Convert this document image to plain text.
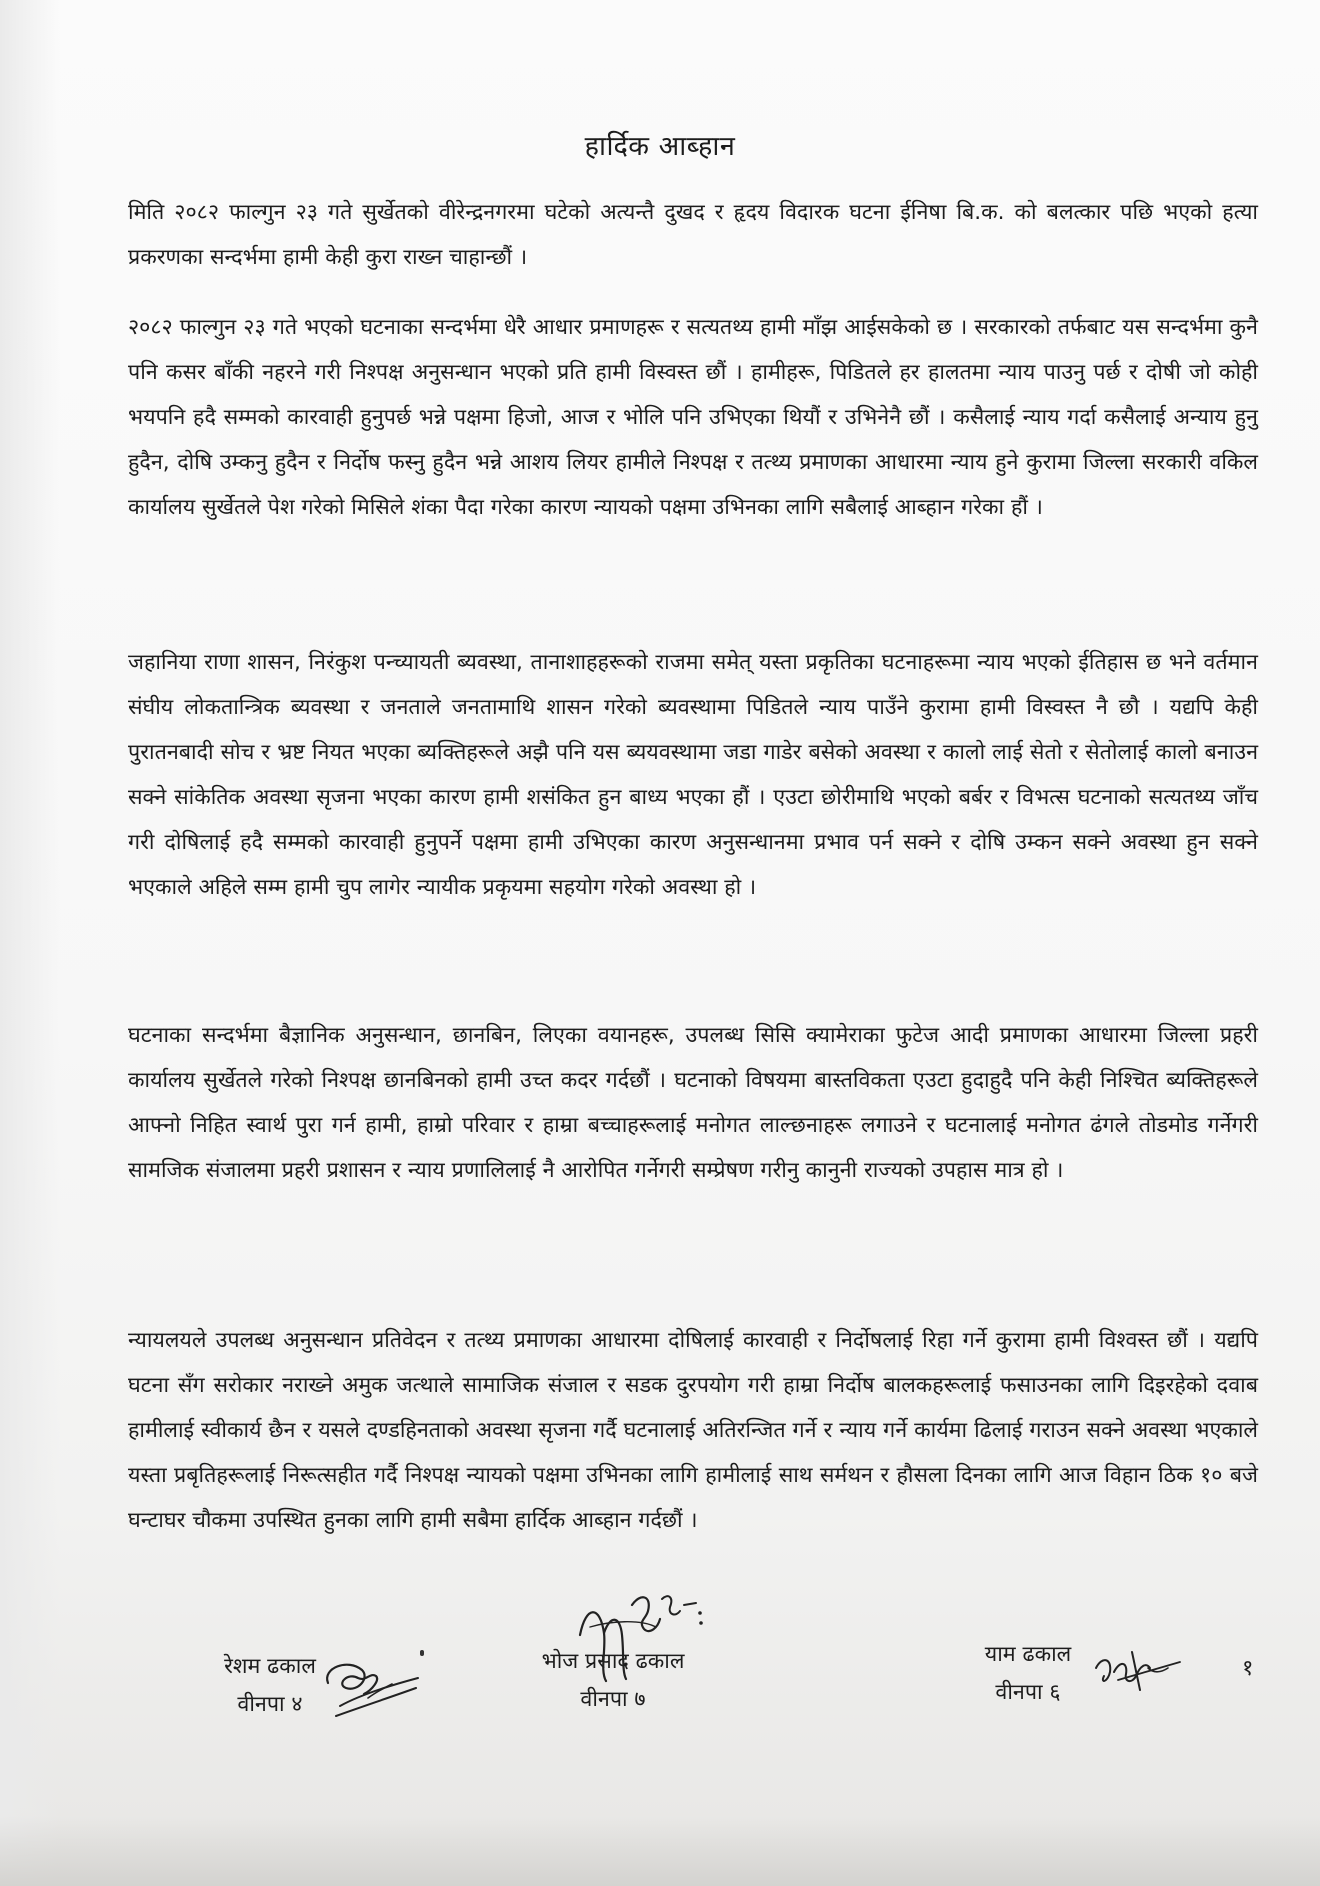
हार्दिक आब्हान

मिति २०८२ फाल्गुन २३ गते सुर्खेतको वीरेन्द्रनगरमा घटेको अत्यन्तै दुखद र हृदय विदारक घटना ईनिषा बि.क. को बलत्कार पछि भएको हत्या प्रकरणका सन्दर्भमा हामी केही कुरा राख्न चाहान्छौं ।

२०८२ फाल्गुन २३ गते भएको घटनाका सन्दर्भमा धेरै आधार प्रमाणहरू र सत्यतथ्य हामी माँझ आईसकेको छ । सरकारको तर्फबाट यस सन्दर्भमा कुनै पनि कसर बाँकी नहरने गरी निश्पक्ष अनुसन्धान भएको प्रति हामी विस्वस्त छौं । हामीहरू, पिडितले हर हालतमा न्याय पाउनु पर्छ र दोषी जो कोही भयपनि हदै सम्मको कारवाही हुनुपर्छ भन्ने पक्षमा हिजो, आज र भोलि पनि उभिएका थियौं र उभिनेनै छौं । कसैलाई न्याय गर्दा कसैलाई अन्याय हुनु हुदैन, दोषि उम्कनु हुदैन र निर्दोष फस्नु हुदैन भन्ने आशय लियर हामीले निश्पक्ष र तत्थ्य प्रमाणका आधारमा न्याय हुने कुरामा जिल्ला सरकारी वकिल कार्यालय सुर्खेतले पेश गरेको मिसिले शंका पैदा गरेका कारण न्यायको पक्षमा उभिनका लागि सबैलाई आब्हान गरेका हौं ।

जहानिया राणा शासन, निरंकुश पन्च्यायती ब्यवस्था, तानाशाहहरूको राजमा समेत् यस्ता प्रकृतिका घटनाहरूमा न्याय भएको ईतिहास छ भने वर्तमान संघीय लोकतान्त्रिक ब्यवस्था र जनताले जनतामाथि शासन गरेको ब्यवस्थामा पिडितले न्याय पाउँने कुरामा हामी विस्वस्त नै छौ । यद्यपि केही पुरातनबादी सोच र भ्रष्ट नियत भएका ब्यक्तिहरूले अझै पनि यस ब्ययवस्थामा जडा गाडेर बसेको अवस्था र कालो लाई सेतो र सेतोलाई कालो बनाउन सक्ने सांकेतिक अवस्था सृजना भएका कारण हामी शसंकित हुन बाध्य भएका हौं । एउटा छोरीमाथि भएको बर्बर र विभत्स घटनाको सत्यतथ्य जाँच गरी दोषिलाई हदै सम्मको कारवाही हुनुपर्ने पक्षमा हामी उभिएका कारण अनुसन्धानमा प्रभाव पर्न सक्ने र दोषि उम्कन सक्ने अवस्था हुन सक्ने भएकाले अहिले सम्म हामी चुप लागेर न्यायीक प्रकृयमा सहयोग गरेको अवस्था हो ।

घटनाका सन्दर्भमा बैज्ञानिक अनुसन्धान, छानबिन, लिएका वयानहरू, उपलब्ध सिसि क्यामेराका फुटेज आदी प्रमाणका आधारमा जिल्ला प्रहरी कार्यालय सुर्खेतले गरेको निश्पक्ष छानबिनको हामी उच्त कदर गर्दछौं । घटनाको विषयमा बास्तविकता एउटा हुदाहुदै पनि केही निश्चित ब्यक्तिहरूले आफ्नो निहित स्वार्थ पुरा गर्न हामी, हाम्रो परिवार र हाम्रा बच्चाहरूलाई मनोगत लाल्छनाहरू लगाउने र घटनालाई मनोगत ढंगले तोडमोड गर्नेगरी सामजिक संजालमा प्रहरी प्रशासन र न्याय प्रणालिलाई नै आरोपित गर्नेगरी सम्प्रेषण गरीनु कानुनी राज्यको उपहास मात्र हो ।

न्यायलयले उपलब्ध अनुसन्धान प्रतिवेदन र तत्थ्य प्रमाणका आधारमा दोषिलाई कारवाही र निर्दोषलाई रिहा गर्ने कुरामा हामी विश्वस्त छौं । यद्यपि घटना सँग सरोकार नराख्ने अमुक जत्थाले सामाजिक संजाल र सडक दुरपयोग गरी हाम्रा निर्दोष बालकहरूलाई फसाउनका लागि दिइरहेको दवाब हामीलाई स्वीकार्य छैन र यसले दण्डहिनताको अवस्था सृजना गर्दै घटनालाई अतिरन्जित गर्ने र न्याय गर्ने कार्यमा ढिलाई गराउन सक्ने अवस्था भएकाले यस्ता प्रबृतिहरूलाई निरूत्सहीत गर्दै निश्पक्ष न्यायको पक्षमा उभिनका लागि हामीलाई साथ सर्मथन र हौसला दिनका लागि आज विहान ठिक १० बजे घन्टाघर चौकमा उपस्थित हुनका लागि हामी सबैमा हार्दिक आब्हान गर्दछौं ।

रेशम ढकाल
वीनपा ४
भोज प्रसाद ढकाल
वीनपा ७
याम ढकाल
वीनपा ६
१
